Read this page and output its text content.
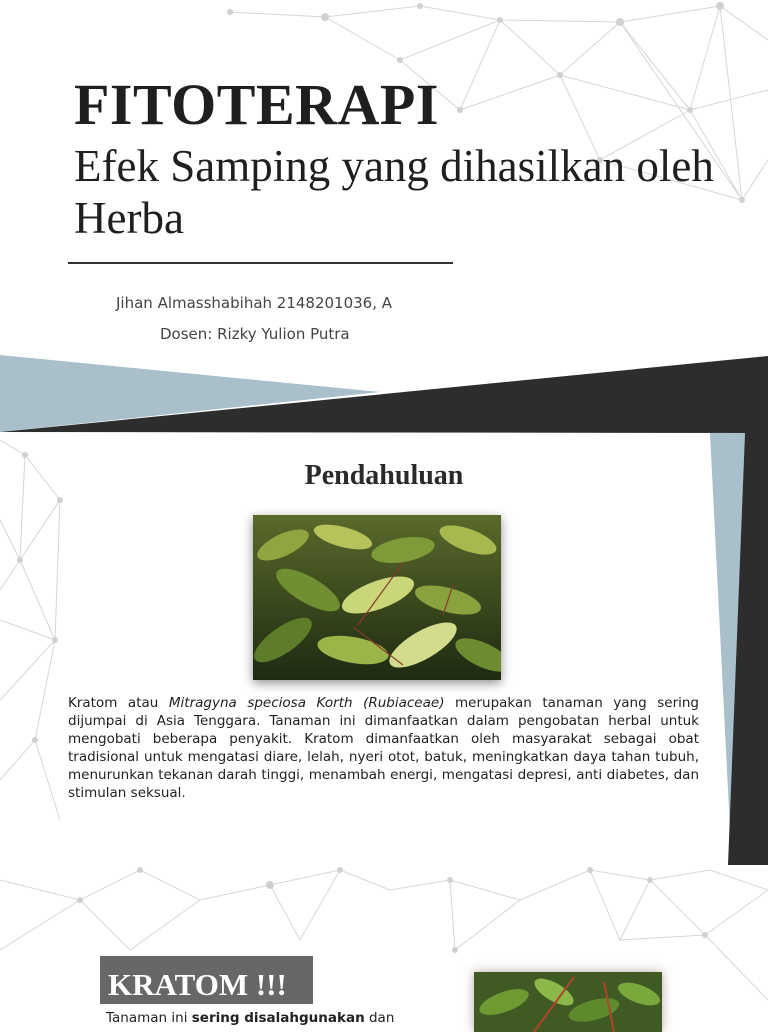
FITOTERAPI
Efek Samping yang dihasilkan oleh Herba
Jihan Almasshabihah 2148201036, A
Dosen: Rizky Yulion Putra
Pendahuluan

Kratom atau Mitragyna speciosa Korth (Rubiaceae) merupakan tanaman yang sering dijumpai di Asia Tenggara. Tanaman ini dimanfaatkan dalam pengobatan herbal untuk mengobati beberapa penyakit. Kratom dimanfaatkan oleh masyarakat sebagai obat tradisional untuk mengatasi diare, lelah, nyeri otot, batuk, meningkatkan daya tahan tubuh, menurunkan tekanan darah tinggi, menambah energi, mengatasi depresi, anti diabetes, dan stimulan seksual.

KRATOM !!!
Tanaman ini sering disalahgunakan dan
